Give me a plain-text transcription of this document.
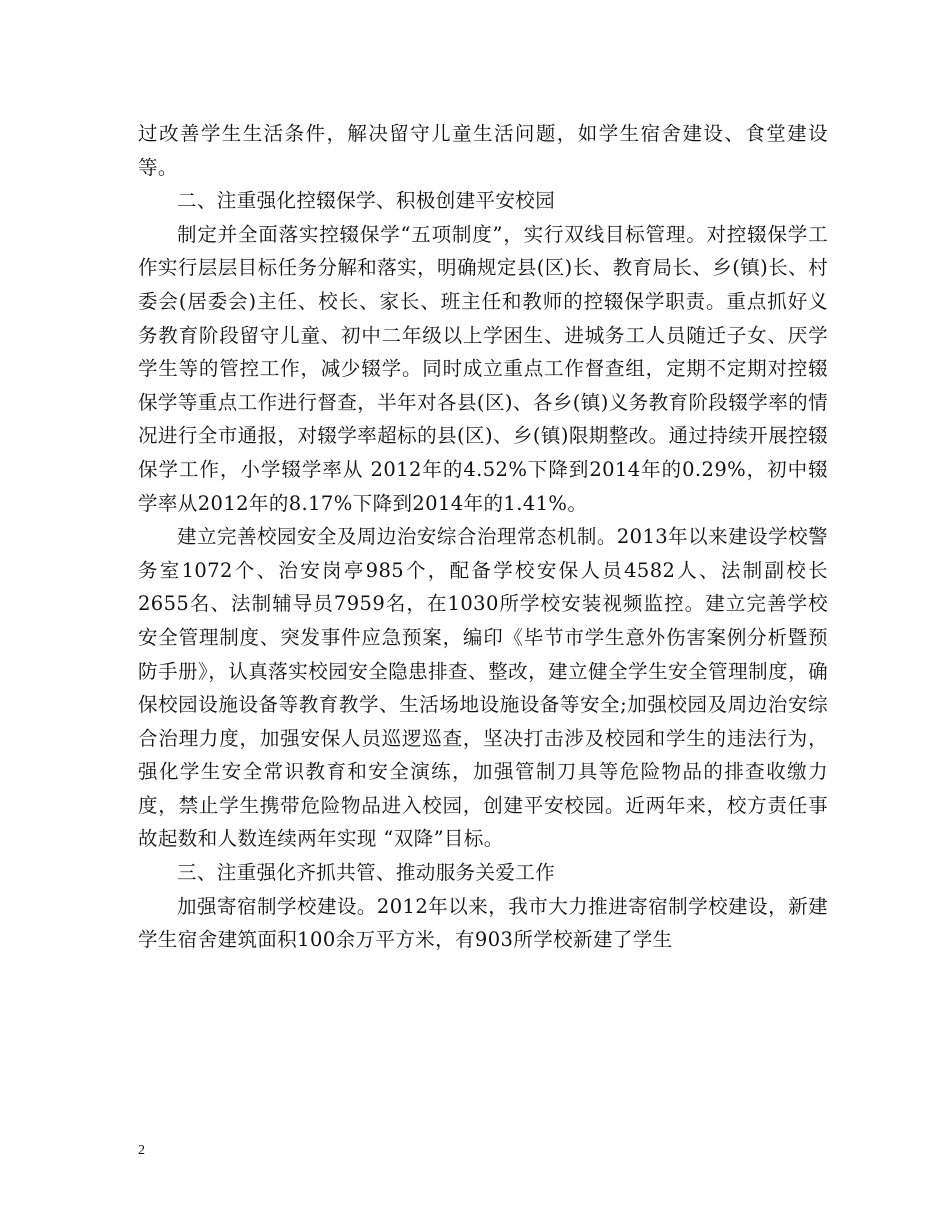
过改善学生生活条件，解决留守儿童生活问题，如学生宿舍建设、食堂建设等。

二、注重强化控辍保学、积极创建平安校园

制定并全面落实控辍保学“五项制度”，实行双线目标管理。对控辍保学工作实行层层目标任务分解和落实，明确规定县(区)长、教育局长、乡(镇)长、村委会(居委会)主任、校长、家长、班主任和教师的控辍保学职责。重点抓好义务教育阶段留守儿童、初中二年级以上学困生、进城务工人员随迁子女、厌学学生等的管控工作，减少辍学。同时成立重点工作督查组，定期不定期对控辍保学等重点工作进行督查，半年对各县(区)、各乡(镇)义务教育阶段辍学率的情况进行全市通报，对辍学率超标的县(区)、乡(镇)限期整改。通过持续开展控辍保学工作，小学辍学率从 2012年的4.52%下降到2014年的0.29%，初中辍学率从2012年的8.17%下降到2014年的1.41%。

建立完善校园安全及周边治安综合治理常态机制。2013年以来建设学校警务室1072个、治安岗亭985个，配备学校安保人员4582人、法制副校长 2655名、法制辅导员7959名，在1030所学校安装视频监控。建立完善学校安全管理制度、突发事件应急预案，编印《毕节市学生意外伤害案例分析暨预防手册》，认真落实校园安全隐患排查、整改，建立健全学生安全管理制度，确保校园设施设备等教育教学、生活场地设施设备等安全;加强校园及周边治安综合治理力度，加强安保人员巡逻巡查，坚决打击涉及校园和学生的违法行为，强化学生安全常识教育和安全演练，加强管制刀具等危险物品的排查收缴力度，禁止学生携带危险物品进入校园，创建平安校园。近两年来，校方责任事故起数和人数连续两年实现 “双降”目标。

三、注重强化齐抓共管、推动服务关爱工作

加强寄宿制学校建设。2012年以来，我市大力推进寄宿制学校建设，新建学生宿舍建筑面积100余万平方米，有903所学校新建了学生

2
